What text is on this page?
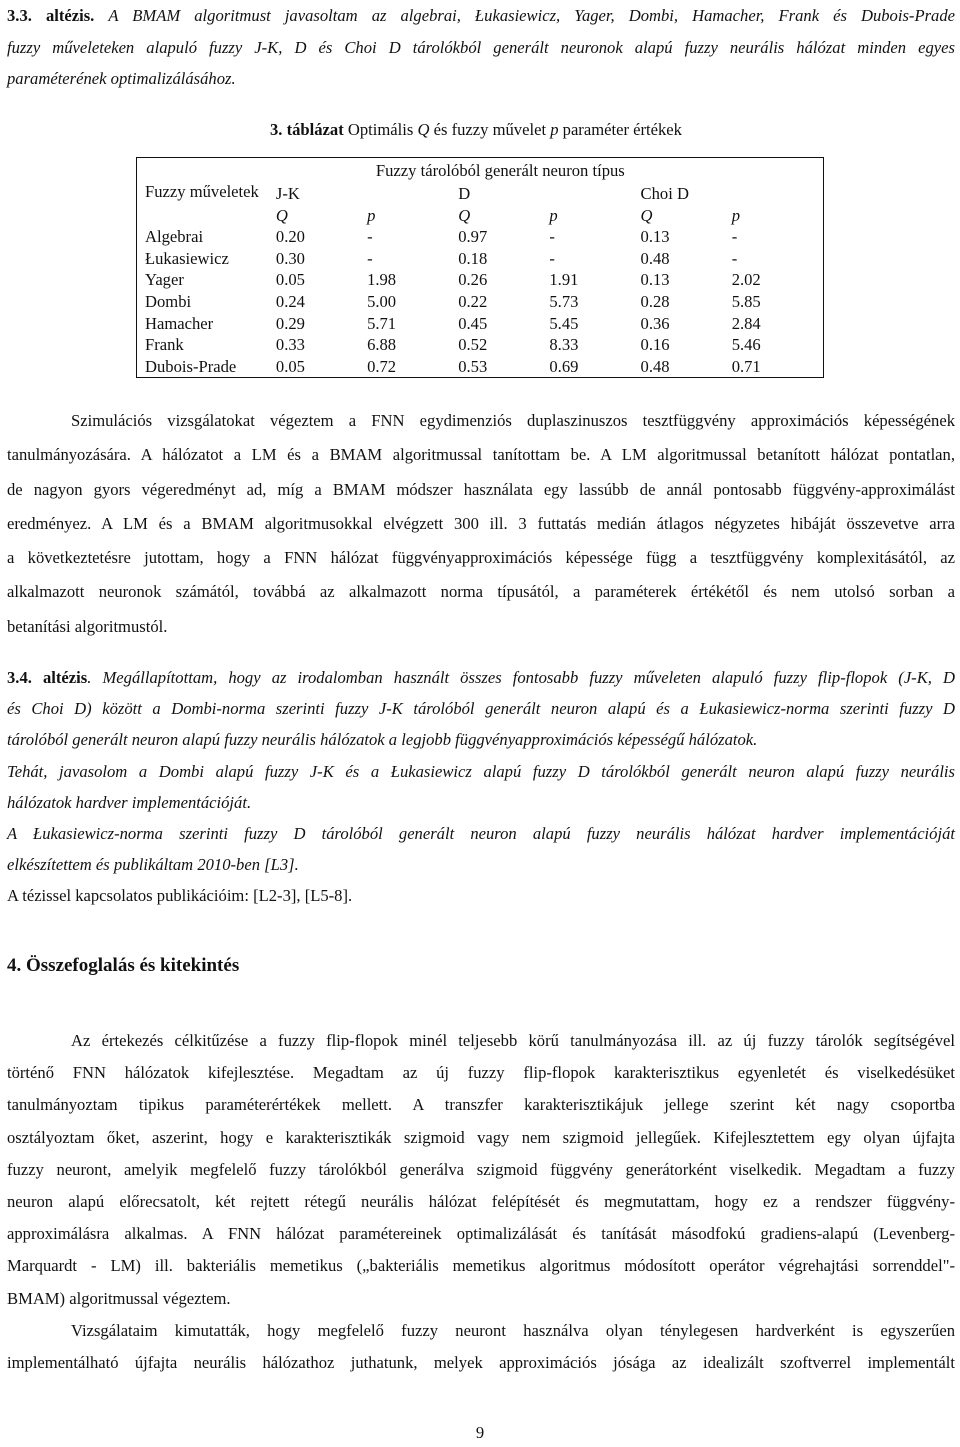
3.3. altézis. A BMAM algoritmust javasoltam az algebrai, Łukasiewicz, Yager, Dombi, Hamacher, Frank és Dubois-Prade
fuzzy műveleteken alapuló fuzzy J-K, D és Choi D tárolókból generált neuronok alapú fuzzy neurális hálózat minden egyes
paraméterének optimalizálásához.
3. táblázat Optimális Q és fuzzy művelet p paraméter értékek
Fuzzy műveletek	Fuzzy tárolóból generált neuron típus					
	J-K		D		Choi D	
	Q	p	Q	p	Q	p
Algebrai	0.20	-	0.97	-	0.13	-
Łukasiewicz	0.30	-	0.18	-	0.48	-
Yager	0.05	1.98	0.26	1.91	0.13	2.02
Dombi	0.24	5.00	0.22	5.73	0.28	5.85
Hamacher	0.29	5.71	0.45	5.45	0.36	2.84
Frank	0.33	6.88	0.52	8.33	0.16	5.46
Dubois-Prade	0.05	0.72	0.53	0.69	0.48	0.71
Szimulációs vizsgálatokat végeztem a FNN egydimenziós duplaszinuszos tesztfüggvény approximációs képességének
tanulmányozására. A hálózatot a LM és a BMAM algoritmussal tanítottam be. A LM algoritmussal betanított hálózat pontatlan,
de nagyon gyors végeredményt ad, míg a BMAM módszer használata egy lassúbb de annál pontosabb függvény-approximálást
eredményez. A LM és a BMAM algoritmusokkal elvégzett 300 ill. 3 futtatás medián átlagos négyzetes hibáját összevetve arra
a következtetésre jutottam, hogy a FNN hálózat függvényapproximációs képessége függ a tesztfüggvény komplexitásától, az
alkalmazott neuronok számától, továbbá az alkalmazott norma típusától, a paraméterek értékétől és nem utolsó sorban a
betanítási algoritmustól.
3.4. altézis. Megállapítottam, hogy az irodalomban használt összes fontosabb fuzzy műveleten alapuló fuzzy flip-flopok (J-K, D
és Choi D) között a Dombi-norma szerinti fuzzy J-K tárolóból generált neuron alapú és a Łukasiewicz-norma szerinti fuzzy D
tárolóból generált neuron alapú fuzzy neurális hálózatok a legjobb függvényapproximációs képességű hálózatok.
Tehát, javasolom a Dombi alapú fuzzy J-K és a Łukasiewicz alapú fuzzy D tárolókból generált neuron alapú fuzzy neurális
hálózatok hardver implementációját.
A Łukasiewicz-norma szerinti fuzzy D tárolóból generált neuron alapú fuzzy neurális hálózat hardver implementációját
elkészítettem és publikáltam 2010-ben [L3].
A tézissel kapcsolatos publikációim: [L2-3], [L5-8].
4. Összefoglalás és kitekintés
Az értekezés célkitűzése a fuzzy flip-flopok minél teljesebb körű tanulmányozása ill. az új fuzzy tárolók segítségével
történő FNN hálózatok kifejlesztése. Megadtam az új fuzzy flip-flopok karakterisztikus egyenletét és viselkedésüket
tanulmányoztam tipikus paraméterértékek mellett. A transzfer karakterisztikájuk jellege szerint két nagy csoportba
osztályoztam őket, aszerint, hogy e karakterisztikák szigmoid vagy nem szigmoid jellegűek. Kifejlesztettem egy olyan újfajta
fuzzy neuront, amelyik megfelelő fuzzy tárolókból generálva szigmoid függvény generátorként viselkedik. Megadtam a fuzzy
neuron alapú előrecsatolt, két rejtett rétegű neurális hálózat felépítését és megmutattam, hogy ez a rendszer függvény-
approximálásra alkalmas. A FNN hálózat paramétereinek optimalizálását és tanítását másodfokú gradiens-alapú (Levenberg-
Marquardt - LM) ill. bakteriális memetikus („bakteriális memetikus algoritmus módosított operátor végrehajtási sorrenddel"-
BMAM) algoritmussal végeztem.
Vizsgálataim kimutatták, hogy megfelelő fuzzy neuront használva olyan ténylegesen hardverként is egyszerűen
implementálható újfajta neurális hálózathoz juthatunk, melyek approximációs jósága az idealizált szoftverrel implementált
9
